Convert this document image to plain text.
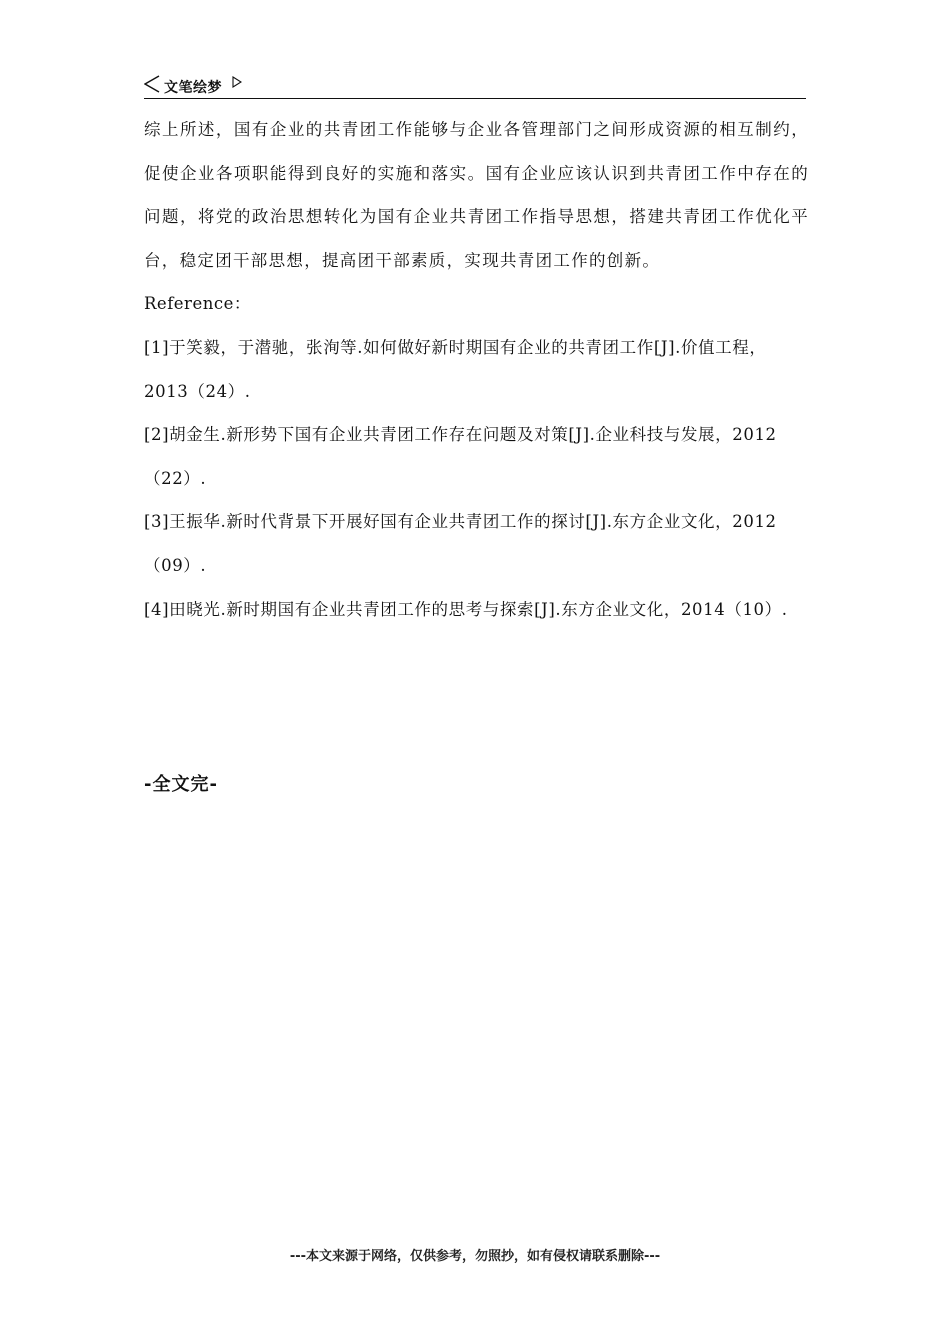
文笔绘梦

综上所述，国有企业的共青团工作能够与企业各管理部门之间形成资源的相互制约，促使企业各项职能得到良好的实施和落实。国有企业应该认识到共青团工作中存在的问题，将党的政治思想转化为国有企业共青团工作指导思想，搭建共青团工作优化平台，稳定团干部思想，提高团干部素质，实现共青团工作的创新。

Reference：

[1]于笑毅，于潜驰，张洵等.如何做好新时期国有企业的共青团工作[J].价值工程，2013（24）.

[2]胡金生.新形势下国有企业共青团工作存在问题及对策[J].企业科技与发展，2012（22）.

[3]王振华.新时代背景下开展好国有企业共青团工作的探讨[J].东方企业文化，2012（09）.

[4]田晓光.新时期国有企业共青团工作的思考与探索[J].东方企业文化，2014（10）.

-全文完-
---本文来源于网络，仅供参考，勿照抄，如有侵权请联系删除---
